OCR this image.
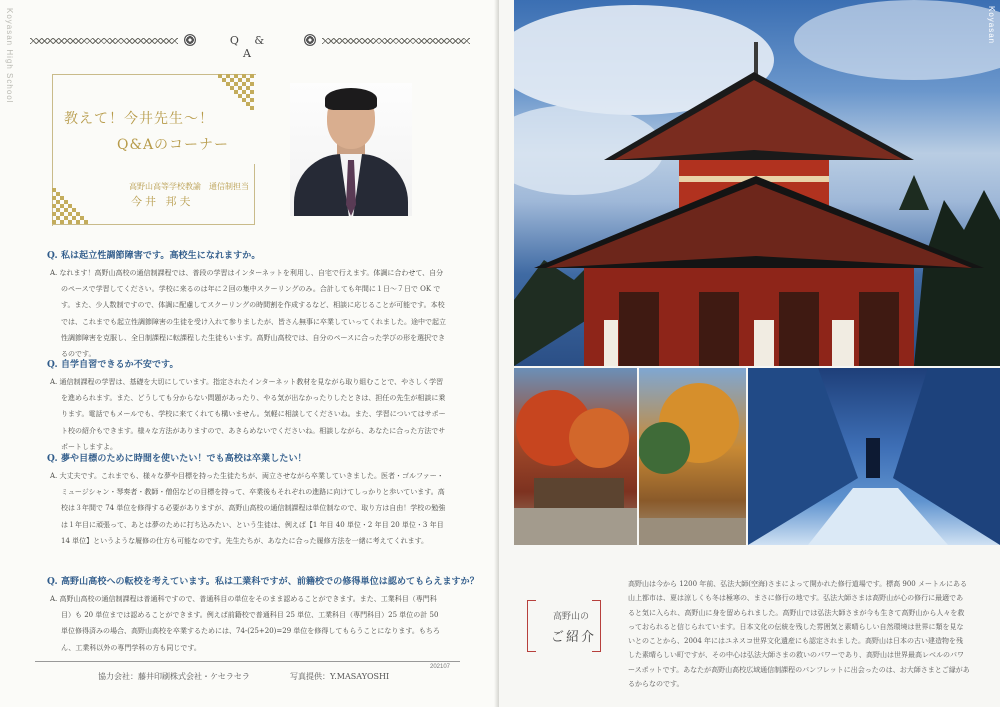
Koyasan High School	Q & A
教えて！今井先生〜！
Q&Aのコーナー
高野山高等学校教諭　通信制担当
今井 邦夫
Q. 私は起立性調節障害です。高校生になれますか。
A. なれます！高野山高校の通信制課程では、普段の学習はインターネットを利用し、自宅で行えます。体調に合わせて、自分のペースで学習してください。学校に来るのは年に２回の集中スクーリングのみ。合計しても年間に１日〜７日で OK です。また、少人数制ですので、体調に配慮してスクーリングの時間割を作成するなど、相談に応じることが可能です。本校では、これまでも起立性調節障害の生徒を受け入れて参りましたが、皆さん無事に卒業していってくれました。途中で起立性調節障害を克服し、全日制課程に転課程した生徒もいます。高野山高校では、自分のペースに合った学びの形を選択できるのです。
Q. 自学自習できるか不安です。
A. 通信制課程の学習は、基礎を大切にしています。指定されたインターネット教材を見ながら取り組むことで、やさしく学習を進められます。また、どうしても分からない問題があったり、やる気が出なかったりしたときは、担任の先生が相談に乗ります。電話でもメールでも、学校に来てくれても構いません。気軽に相談してくださいね。また、学習についてはサポート校の紹介もできます。様々な方法がありますので、あきらめないでくださいね。相談しながら、あなたに合った方法でサポートしますよ。
Q. 夢や目標のために時間を使いたい！でも高校は卒業したい！
A. 大丈夫です。これまでも、様々な夢や目標を持った生徒たちが、両立させながら卒業していきました。医者・ゴルファー・ミュージシャン・琴奏者・教師・僧侶などの目標を持って、卒業後もそれぞれの進路に向けてしっかりと歩いています。高校は３年間で 74 単位を修得する必要がありますが、高野山高校の通信制課程は単位制なので、取り方は自由！学校の勉強は１年目に頑張って、あとは夢のために打ち込みたい、という生徒は、例えば【1 年目 40 単位・2 年目 20 単位・3 年目 14 単位】というような履修の仕方も可能なのです。先生たちが、あなたに合った履修方法を一緒に考えてくれます。
Q. 高野山高校への転校を考えています。私は工業科ですが、前籍校での修得単位は認めてもらえますか？
A. 高野山高校の通信制課程は普通科ですので、普通科目の単位をそのまま認めることができます。また、工業科目（専門科目）も 20 単位までは認めることができます。例えば前籍校で普通科目 25 単位、工業科目（専門科目）25 単位の計 50 単位修得済みの場合、高野山高校を卒業するためには、74-(25+20)=29 単位を修得してもらうことになります。もちろん、工業科以外の専門学科の方も同じです。
202107
協力会社：藤井印刷株式会社・ケセラセラ	写真提供：Y.MASAYOSHI
Koyasan
高野山は今から 1200 年前、弘法大師(空海)さまによって開かれた修行道場です。標高 900 メートルにある山上都市は、夏は涼しくも冬は極寒の、まさに修行の地です。弘法大師さまは高野山が心の修行に最適であると気に入られ、高野山に身を留められました。高野山では弘法大師さまが今も生きて高野山から人々を救っておられると信じられています。日本文化の伝統を残した雰囲気と素晴らしい自然環境は世界に類を見ないとのことから、2004 年にはユネスコ世界文化遺産にも認定されました。高野山は日本の古い建造物を残した素晴らしい町ですが、その中心は弘法大師さまの救いのパワーであり、高野山は世界最高レベルのパワースポットです。あなたが高野山高校広域通信制課程のパンフレットに出会ったのは、お大師さまとご縁があるからなのです。
高野山の
ご紹介
